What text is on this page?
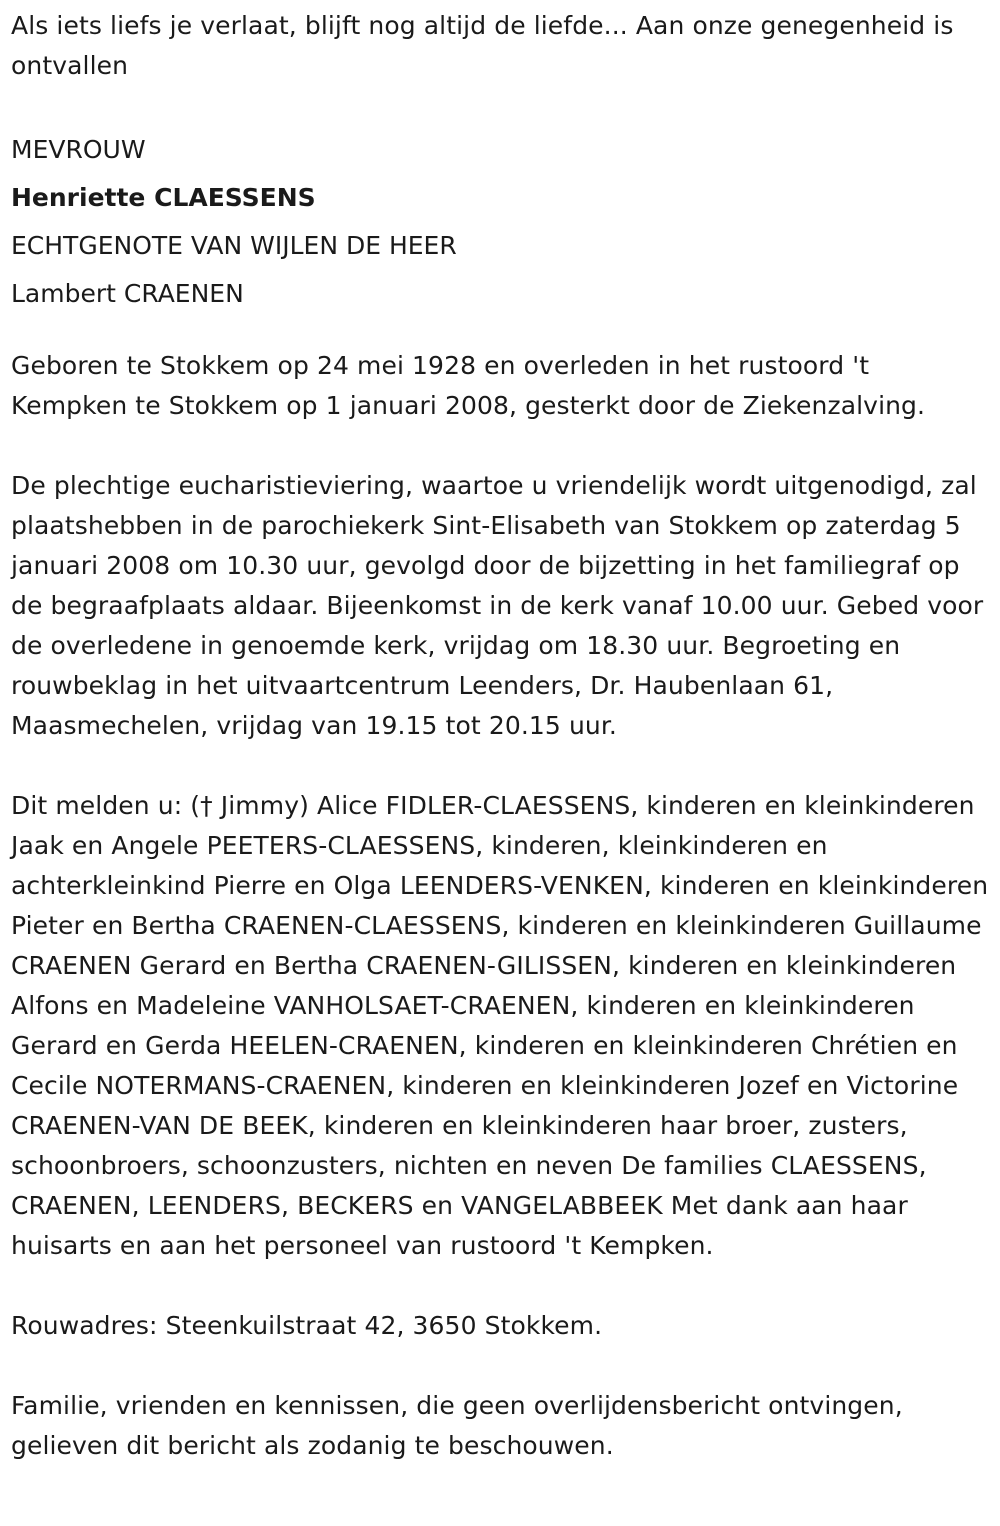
Als iets liefs je verlaat, blijft nog altijd de liefde... Aan onze genegenheid is ontvallen

MEVROUW

Henriette CLAESSENS

ECHTGENOTE VAN WIJLEN DE HEER

Lambert CRAENEN

Geboren te Stokkem op 24 mei 1928 en overleden in het rustoord 't Kempken te Stokkem op 1 januari 2008, gesterkt door de Ziekenzalving.

De plechtige eucharistieviering, waartoe u vriendelijk wordt uitgenodigd, zal plaatshebben in de parochiekerk Sint-Elisabeth van Stokkem op zaterdag 5 januari 2008 om 10.30 uur, gevolgd door de bijzetting in het familiegraf op de begraafplaats aldaar. Bijeenkomst in de kerk vanaf 10.00 uur. Gebed voor de overledene in genoemde kerk, vrijdag om 18.30 uur. Begroeting en rouwbeklag in het uitvaartcentrum Leenders, Dr. Haubenlaan 61, Maasmechelen, vrijdag van 19.15 tot 20.15 uur.

Dit melden u: († Jimmy) Alice FIDLER-CLAESSENS, kinderen en kleinkinderen Jaak en Angele PEETERS-CLAESSENS, kinderen, kleinkinderen en achterkleinkind Pierre en Olga LEENDERS-VENKEN, kinderen en kleinkinderen Pieter en Bertha CRAENEN-CLAESSENS, kinderen en kleinkinderen Guillaume CRAENEN Gerard en Bertha CRAENEN-GILISSEN, kinderen en kleinkinderen Alfons en Madeleine VANHOLSAET-CRAENEN, kinderen en kleinkinderen Gerard en Gerda HEELEN-CRAENEN, kinderen en kleinkinderen Chrétien en Cecile NOTERMANS-CRAENEN, kinderen en kleinkinderen Jozef en Victorine CRAENEN-VAN DE BEEK, kinderen en kleinkinderen haar broer, zusters, schoonbroers, schoonzusters, nichten en neven De families CLAESSENS, CRAENEN, LEENDERS, BECKERS en VANGELABBEEK Met dank aan haar huisarts en aan het personeel van rustoord 't Kempken.

Rouwadres: Steenkuilstraat 42, 3650 Stokkem.

Familie, vrienden en kennissen, die geen overlijdensbericht ontvingen, gelieven dit bericht als zodanig te beschouwen.
